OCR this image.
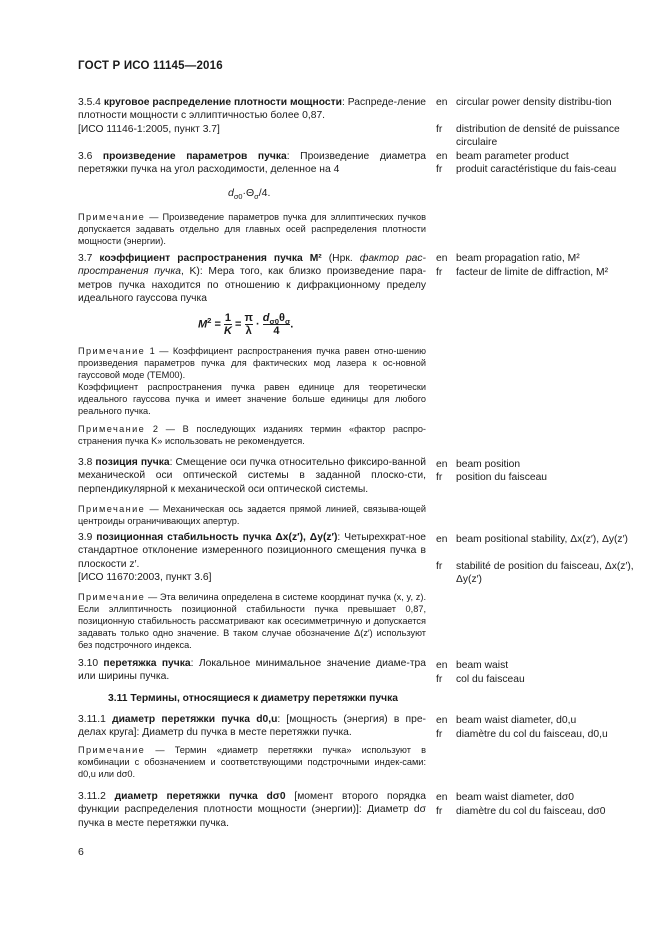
ГОСТ Р ИСО 11145—2016
3.5.4 круговое распределение плотности мощности: Распреде-ление плотности мощности с эллиптичностью более 0,87.
[ИСО 11146-1:2005, пункт 3.7]
en circular power density distribu-tion
fr	distribution de densité de puissance circulaire
3.6 произведение параметров пучка: Произведение диаметра перетяжки пучка на угол расходимости, деленное на 4
$d_{\sigma 0}\cdot\Theta_\sigma/4$.
Примечание — Произведение параметров пучка для эллиптических пучков допускается задавать отдельно для главных осей распределения плотности мощности (энергии).
en beam parameter product
fr	produit caractéristique du fais-ceau
3.7 коэффициент распространения пучка M² (Нрк. фактор рас-пространения пучка, K): Мера того, как близко произведение пара-метров пучка находится по отношению к дифракционному пределу идеального гауссова пучка
$M^2 = \frac{1}{K} = \frac{\pi}{\lambda} \cdot \frac{d_{\sigma 0}\theta_\sigma}{4}$ .
Примечание 1 — Коэффициент распространения пучка равен отно-шению произведения параметров пучка для фактических мод лазера к ос-новной гауссовой моде (TEM00).
Коэффициент распространения пучка равен единице для теоретически идеального гауссова пучка и имеет значение больше единицы для любого реального пучка.
Примечание 2 — В последующих изданиях термин «фактор распро-странения пучка K» использовать не рекомендуется.
en beam propagation ratio, M²
fr	facteur de limite de diffraction, M²
3.8 позиция пучка: Смещение оси пучка относительно фиксиро-ванной механической оси оптической системы в заданной плоско-сти, перпендикулярной к механической оси оптической системы.
Примечание — Механическая ось задается прямой линией, связыва-ющей центроиды ограничивающих апертур.
en beam position
fr	position du faisceau
3.9 позиционная стабильность пучка Δx(z′), Δy(z′): Четырехкрат-ное стандартное отклонение измеренного позиционного смещения пучка в плоскости z′.
[ИСО 11670:2003, пункт 3.6]
Примечание — Эта величина определена в системе координат пучка (x, y, z). Если эллиптичность позиционной стабильности пучка превышает 0,87, позиционную стабильность рассматривают как осесимметричную и допускается задавать только одно значение. В таком случае обозначение Δ(z′) используют без подстрочного индекса.
en beam positional stability, Δx(z′), Δy(z′)
fr	stabilité de position du faisceau, Δx(z′), Δy(z′)
3.10 перетяжка пучка: Локальное минимальное значение диаме-тра или ширины пучка.
en beam waist
fr	col du faisceau
3.11 Термины, относящиеся к диаметру перетяжки пучка
3.11.1 диаметр перетяжки пучка d0,u: [мощность (энергия) в пре-делах круга]: Диаметр du пучка в месте перетяжки пучка.
Примечание — Термин «диаметр перетяжки пучка» используют в комбинации с обозначением и соответствующими подстрочными индек-сами: d0,u или dσ0.
en beam waist diameter, d0,u
fr	diamètre du col du faisceau, d0,u
3.11.2 диаметр перетяжки пучка dσ0 [момент второго порядка функции распределения плотности мощности (энергии)]: Диаметр dσ пучка в месте перетяжки пучка.
en beam waist diameter, dσ0
fr	diamètre du col du faisceau, dσ0
6
